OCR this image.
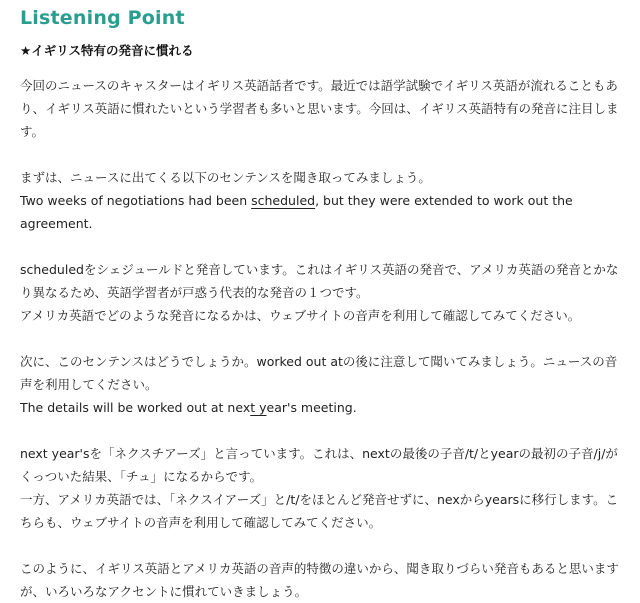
Listening Point
★イギリス特有の発音に慣れる

今回のニュースのキャスターはイギリス英語話者です。最近では語学試験でイギリス英語が流れることもあり、イギリス英語に慣れたいという学習者も多いと思います。今回は、イギリス英語特有の発音に注目します。

まずは、ニュースに出てくる以下のセンテンスを聞き取ってみましょう。

Two weeks of negotiations had been scheduled, but they were extended to work out the agreement.

scheduledをシェジュールドと発音しています。これはイギリス英語の発音で、アメリカ英語の発音とかなり異なるため、英語学習者が戸惑う代表的な発音の１つです。

アメリカ英語でどのような発音になるかは、ウェブサイトの音声を利用して確認してみてください。

次に、このセンテンスはどうでしょうか。worked out atの後に注意して聞いてみましょう。ニュースの音声を利用してください。

The details will be worked out at next year's meeting.

next year'sを「ネクスチアーズ」と言っています。これは、nextの最後の子音/t/とyearの最初の子音/j/がくっついた結果、「チュ」になるからです。

一方、アメリカ英語では、「ネクスイアーズ」と/t/をほとんど発音せずに、nexからyearsに移行します。こちらも、ウェブサイトの音声を利用して確認してみてください。

このように、イギリス英語とアメリカ英語の音声的特徴の違いから、聞き取りづらい発音もあると思いますが、いろいろなアクセントに慣れていきましょう。
